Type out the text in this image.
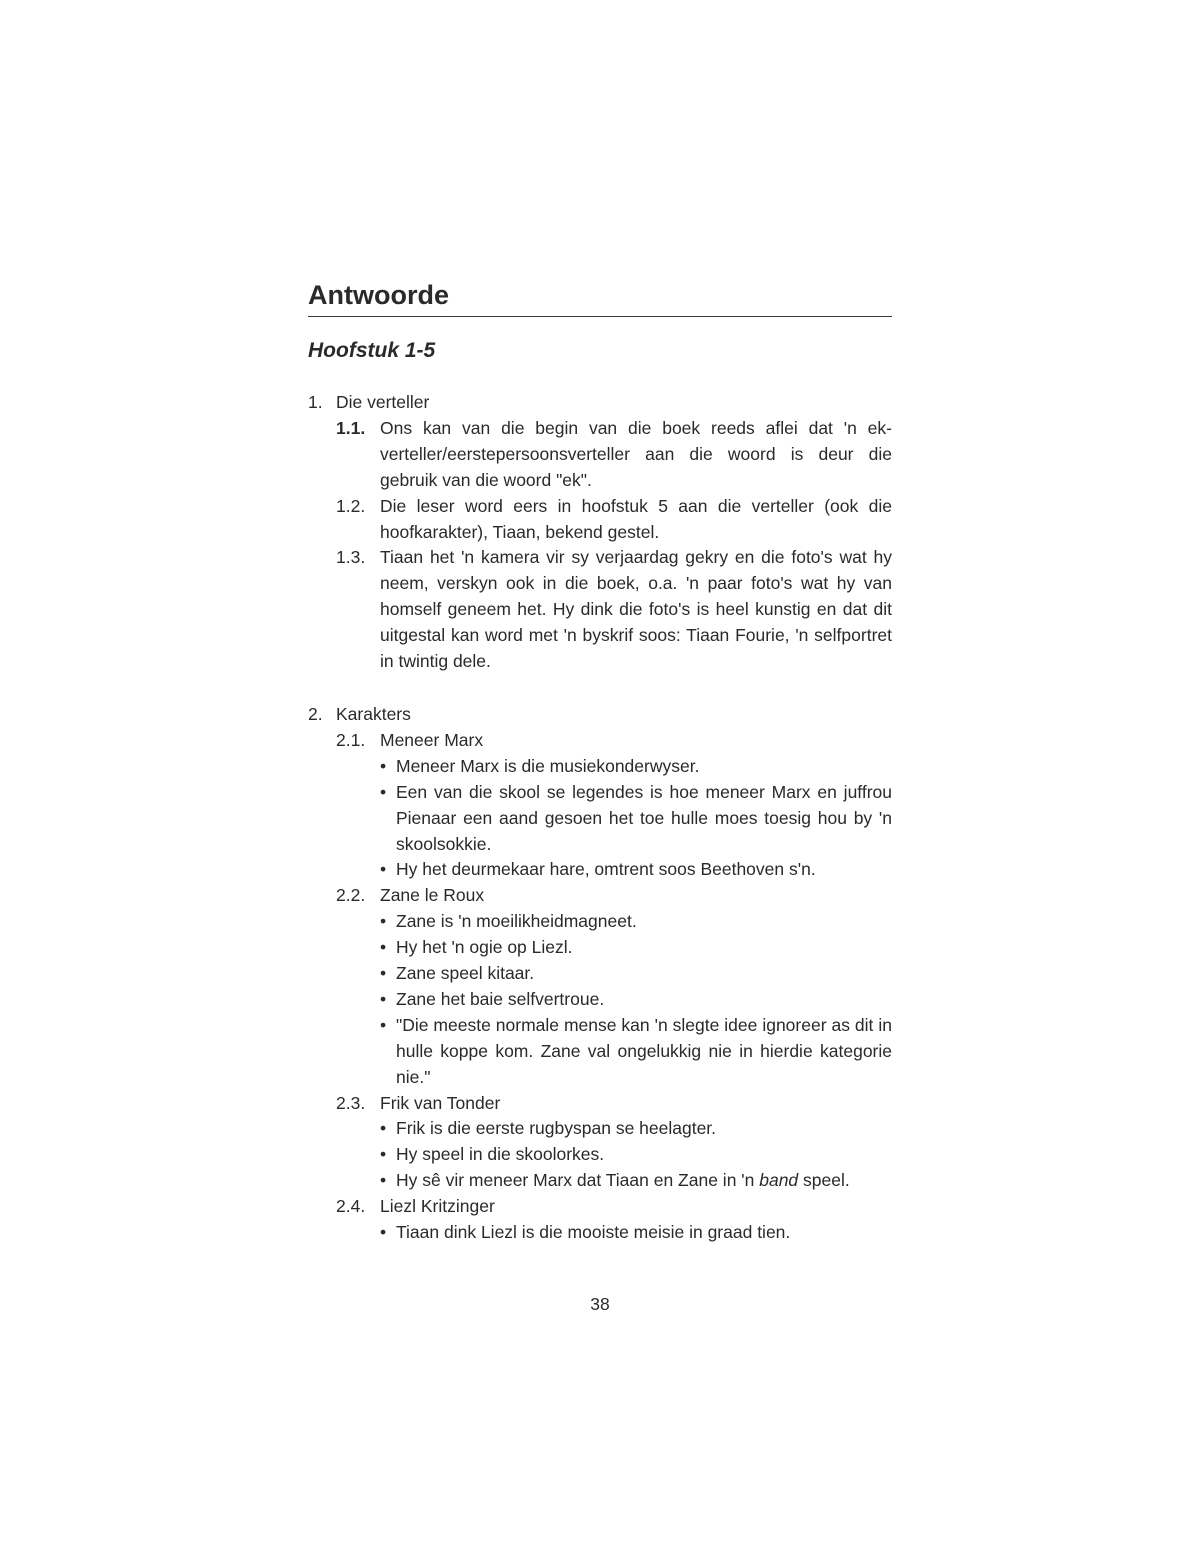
Antwoorde
Hoofstuk 1-5
1. Die verteller
1.1. Ons kan van die begin van die boek reeds aflei dat 'n ek-verteller/eerstepersoonsverteller aan die woord is deur die gebruik van die woord "ek".
1.2. Die leser word eers in hoofstuk 5 aan die verteller (ook die hoofkarakter), Tiaan, bekend gestel.
1.3. Tiaan het 'n kamera vir sy verjaardag gekry en die foto's wat hy neem, verskyn ook in die boek, o.a. 'n paar foto's wat hy van homself geneem het. Hy dink die foto's is heel kunstig en dat dit uitgestal kan word met 'n byskrif soos: Tiaan Fourie, 'n selfportret in twintig dele.
2. Karakters
2.1. Meneer Marx
• Meneer Marx is die musiekonderwyser.
• Een van die skool se legendes is hoe meneer Marx en juffrou Pienaar een aand gesoen het toe hulle moes toesig hou by 'n skoolsokkie.
• Hy het deurmekaar hare, omtrent soos Beethoven s'n.
2.2. Zane le Roux
• Zane is 'n moeilikheidmagneet.
• Hy het 'n ogie op Liezl.
• Zane speel kitaar.
• Zane het baie selfvertroue.
• "Die meeste normale mense kan 'n slegte idee ignoreer as dit in hulle koppe kom. Zane val ongelukkig nie in hierdie kategorie nie."
2.3. Frik van Tonder
• Frik is die eerste rugbyspan se heelagter.
• Hy speel in die skoolorkes.
• Hy sê vir meneer Marx dat Tiaan en Zane in 'n band speel.
2.4. Liezl Kritzinger
• Tiaan dink Liezl is die mooiste meisie in graad tien.
38
